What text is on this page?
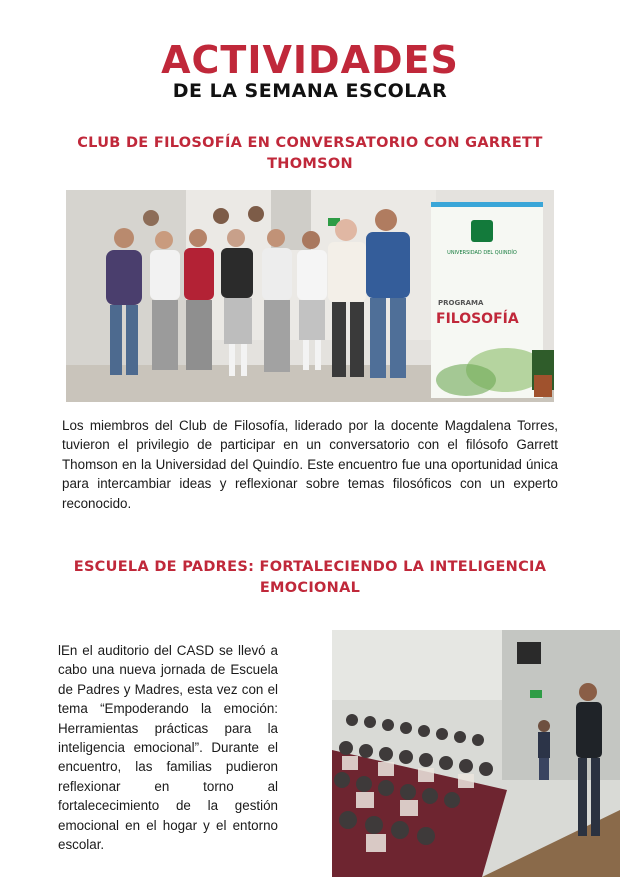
ACTIVIDADES
DE LA SEMANA ESCOLAR
CLUB DE FILOSOFÍA EN CONVERSATORIO CON GARRETT THOMSON
UNIVERSIDAD DEL QUINDÍO
PROGRAMA
FILOSOFÍA

Los miembros del Club de Filosofía, liderado por la docente Magdalena Torres, tuvieron el privilegio de participar en un conversatorio con el filósofo Garrett Thomson en la Universidad del Quindío. Este encuentro fue una oportunidad única para intercambiar ideas y reflexionar sobre temas filosóficos con un experto reconocido.

ESCUELA DE PADRES: FORTALECIENDO LA INTELIGENCIA EMOCIONAL

lEn el auditorio del CASD se llevó a cabo una nueva jornada de Escuela de Padres y Madres, esta vez con el tema “Empoderando la emoción: Herramientas prácticas para la inteligencia emocional”. Durante el encuentro, las familias pudieron reflexionar en torno al fortalececimiento de la gestión emocional en el hogar y el entorno escolar.
